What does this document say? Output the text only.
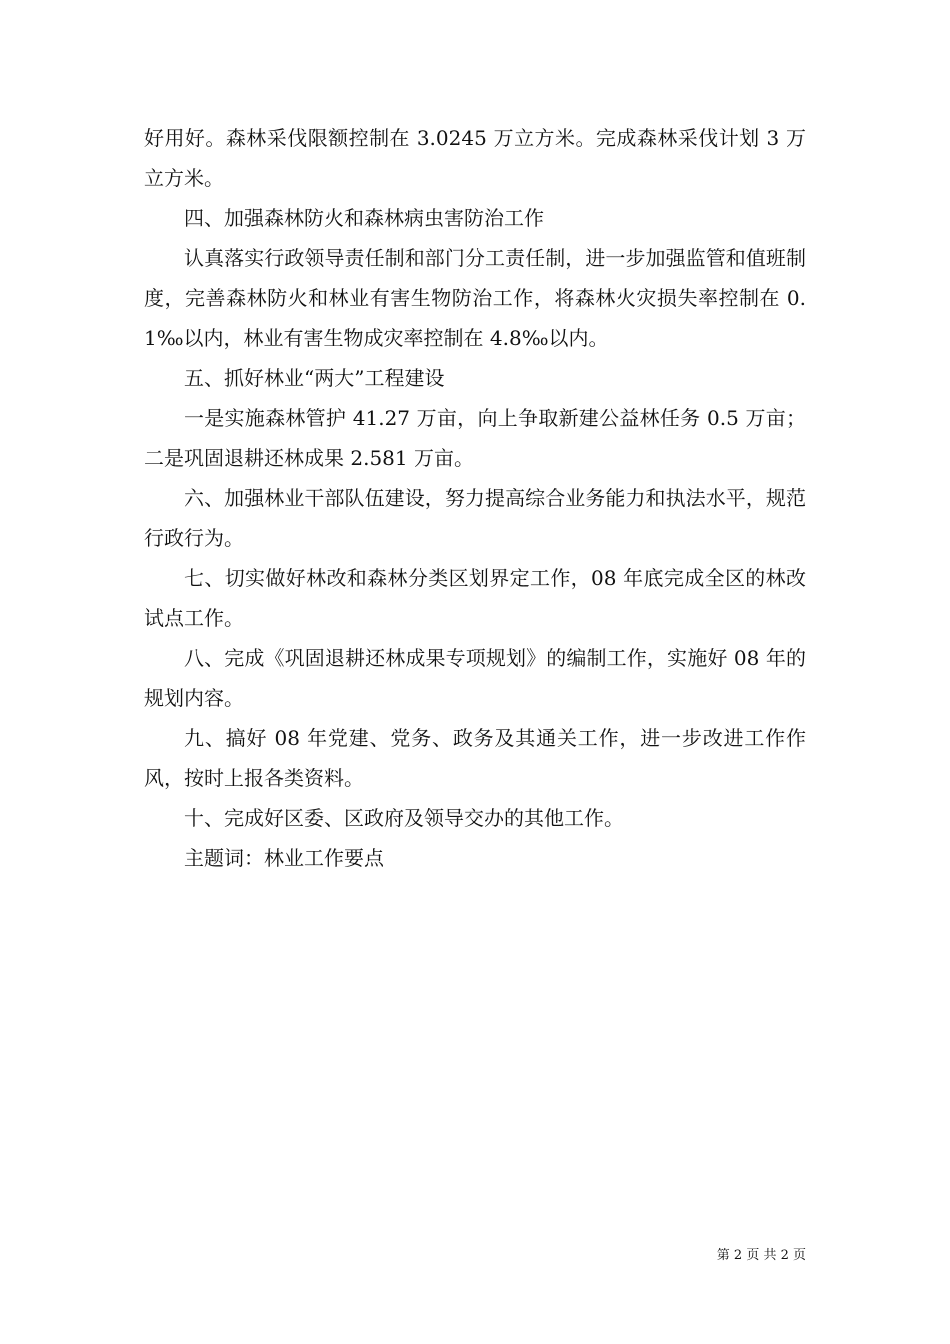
好用好。森林采伐限额控制在 3.0245 万立方米。完成森林采伐计划 3 万立方米。

四、加强森林防火和森林病虫害防治工作

认真落实行政领导责任制和部门分工责任制，进一步加强监管和值班制度，完善森林防火和林业有害生物防治工作，将森林火灾损失率控制在 0.1‰以内，林业有害生物成灾率控制在 4.8‰以内。

五、抓好林业“两大”工程建设

一是实施森林管护 41.27 万亩，向上争取新建公益林任务 0.5 万亩；二是巩固退耕还林成果 2.581 万亩。

六、加强林业干部队伍建设，努力提高综合业务能力和执法水平，规范行政行为。

七、切实做好林改和森林分类区划界定工作，08 年底完成全区的林改试点工作。

八、完成《巩固退耕还林成果专项规划》的编制工作，实施好 08 年的规划内容。

九、搞好 08 年党建、党务、政务及其通关工作，进一步改进工作作风，按时上报各类资料。

十、完成好区委、区政府及领导交办的其他工作。

主题词：林业工作要点

第 2 页 共 2 页
